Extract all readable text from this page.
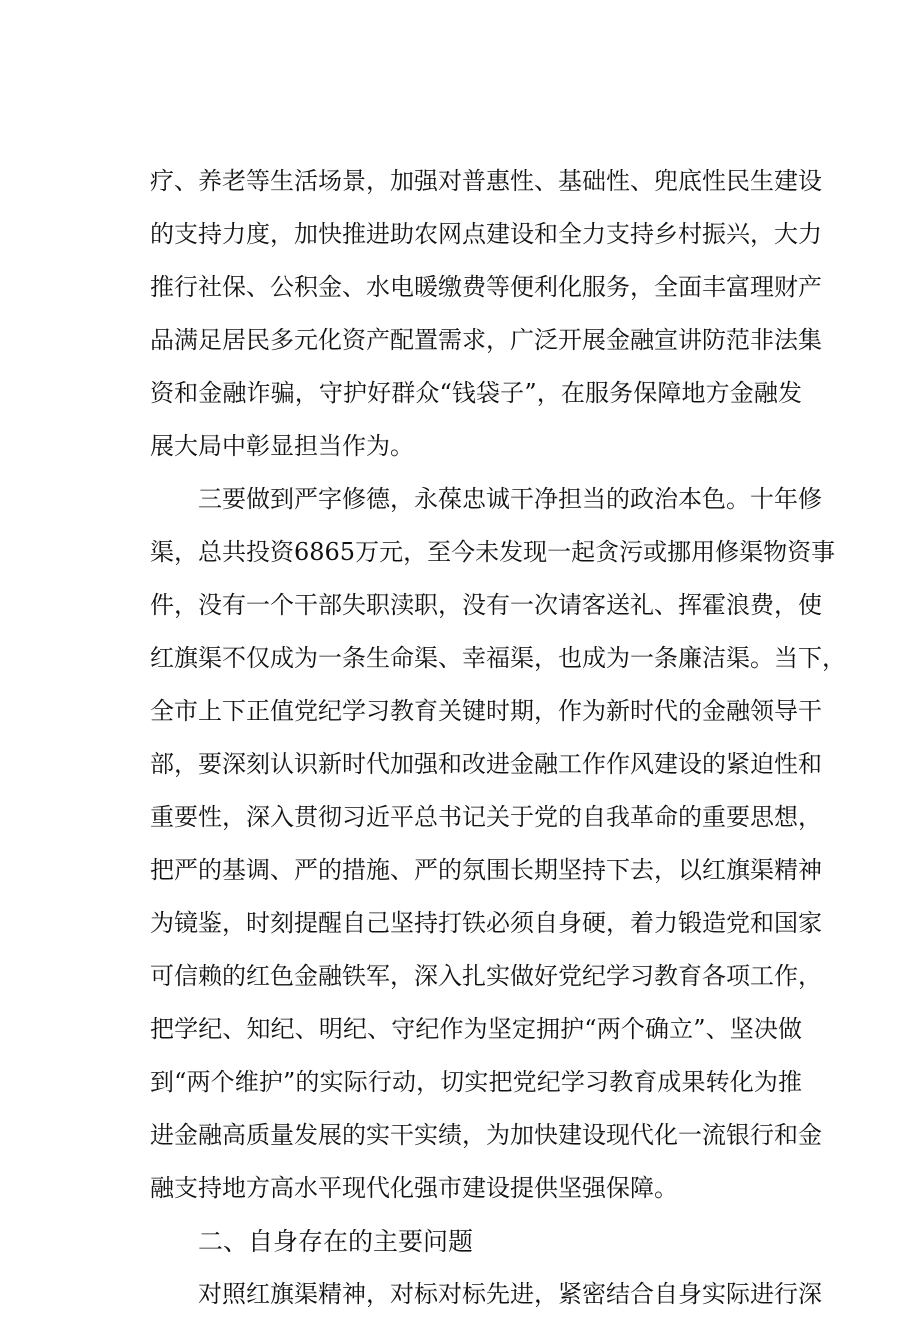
疗、养老等生活场景，加强对普惠性、基础性、兜底性民生建设
的支持力度，加快推进助农网点建设和全力支持乡村振兴，大力
推行社保、公积金、水电暖缴费等便利化服务，全面丰富理财产
品满足居民多元化资产配置需求，广泛开展金融宣讲防范非法集
资和金融诈骗，守护好群众“钱袋子”，在服务保障地方金融发
展大局中彰显担当作为。
三要做到严字修德，永葆忠诚干净担当的政治本色。十年修
渠，总共投资6865万元，至今未发现一起贪污或挪用修渠物资事
件，没有一个干部失职渎职，没有一次请客送礼、挥霍浪费，使
红旗渠不仅成为一条生命渠、幸福渠，也成为一条廉洁渠。当下，
全市上下正值党纪学习教育关键时期，作为新时代的金融领导干
部，要深刻认识新时代加强和改进金融工作作风建设的紧迫性和
重要性，深入贯彻习近平总书记关于党的自我革命的重要思想，
把严的基调、严的措施、严的氛围长期坚持下去，以红旗渠精神
为镜鉴，时刻提醒自己坚持打铁必须自身硬，着力锻造党和国家
可信赖的红色金融铁军，深入扎实做好党纪学习教育各项工作，
把学纪、知纪、明纪、守纪作为坚定拥护“两个确立”、坚决做
到“两个维护”的实际行动，切实把党纪学习教育成果转化为推
进金融高质量发展的实干实绩，为加快建设现代化一流银行和金
融支持地方高水平现代化强市建设提供坚强保障。
二、自身存在的主要问题
对照红旗渠精神，对标对标先进，紧密结合自身实际进行深
